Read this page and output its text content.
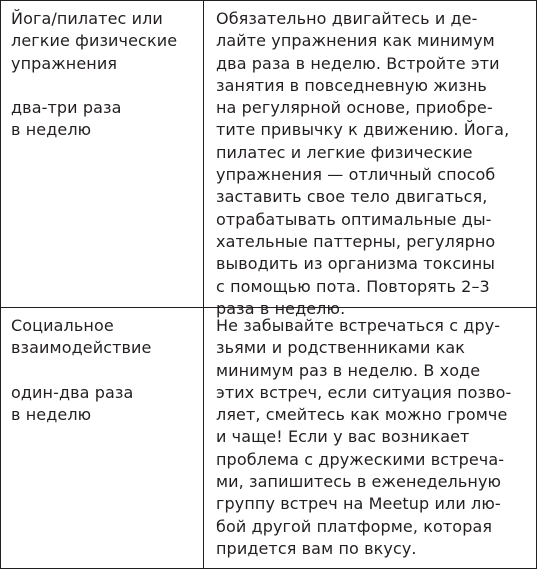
Йога/пилатес или
легкие физические
упражнения
два-три раза
в неделю
Обязательно двигайтесь и де-
лайте упражнения как минимум
два раза в неделю. Встройте эти
занятия в повседневную жизнь
на регулярной основе, приобре-
тите привычку к движению. Йога,
пилатес и легкие физические
упражнения — отличный способ
заставить свое тело двигаться,
отрабатывать оптимальные ды-
хательные паттерны, регулярно
выводить из организма токсины
с помощью пота. Повторять 2–3
раза в неделю.
Социальное
взаимодействие
один-два раза
в неделю
Не забывайте встречаться с дру-
зьями и родственниками как
минимум раз в неделю. В ходе
этих встреч, если ситуация позво-
ляет, смейтесь как можно громче
и чаще! Если у вас возникает
проблема с дружескими встреча-
ми, запишитесь в еженедельную
группу встреч на Meetup или лю-
бой другой платформе, которая
придется вам по вкусу.
